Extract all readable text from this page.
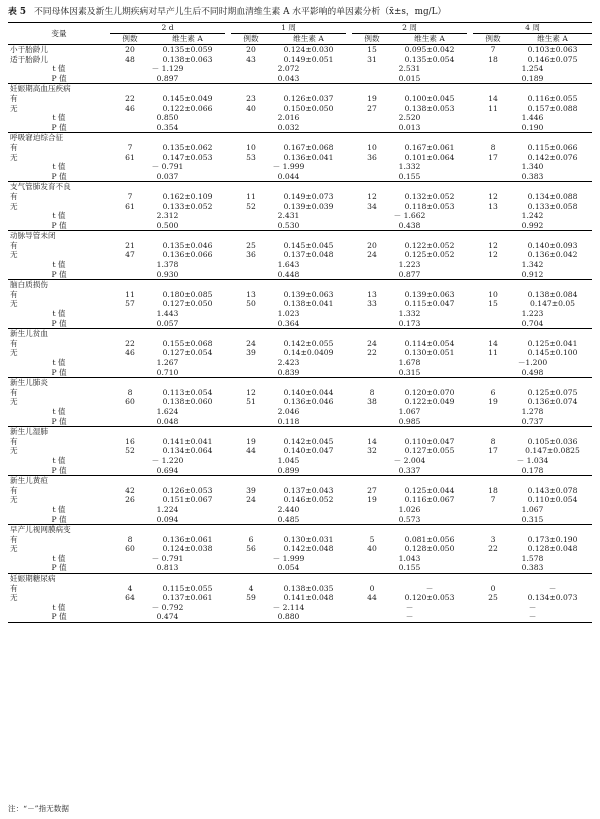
表 5 不同母体因素及新生儿期疾病对早产儿生后不同时期血清维生素 A 水平影响的单因素分析（x̄±s，mg/L）
变量	2 d			1 周			2 周			4 周	
	例数	维生素 A		例数	维生素 A		例数	维生素 A		例数	维生素 A
小于胎龄儿	20	0.135±0.059		20	0.124±0.030		15	0.095±0.042		7	0.103±0.063
适于胎龄儿	48	0.138±0.063		43	0.149±0.051		31	0.135±0.054		18	0.146±0.075
t 值	－ 1.129			2.072			2.531			1.254	
P 值	0.897			0.043			0.015			0.189	
妊娠期高血压疾病											
有	22	0.145±0.049		23	0.126±0.037		19	0.100±0.045		14	0.116±0.055
无	46	0.122±0.066		40	0.150±0.050		27	0.138±0.053		11	0.157±0.088
t 值	0.850			2.016			2.520			1.446	
P 值	0.354			0.032			0.013			0.190	
呼吸窘迫综合征											
有	7	0.135±0.062		10	0.167±0.068		10	0.167±0.061		8	0.115±0.066
无	61	0.147±0.053		53	0.136±0.041		36	0.101±0.064		17	0.142±0.076
t 值	－ 0.791			－ 1.999			1.332			1.340	
P 值	0.037			0.044			0.155			0.383	
支气管肺发育不良											
有	7	0.162±0.109		11	0.149±0.073		12	0.132±0.052		12	0.134±0.088
无	61	0.133±0.052		52	0.139±0.039		34	0.118±0.053		13	0.133±0.058
t 值	2.312			2.431			－ 1.662			1.242	
P 值	0.500			0.530			0.438			0.992	
动脉导管未闭											
有	21	0.135±0.046		25	0.145±0.045		20	0.122±0.052		12	0.140±0.093
无	47	0.136±0.066		36	0.137±0.048		24	0.125±0.052		12	0.136±0.042
t 值	1.378			1.643			1.223			1.342	
P 值	0.930			0.448			0.877			0.912	
脑白质损伤											
有	11	0.180±0.085		13	0.139±0.063		13	0.139±0.063		10	0.138±0.084
无	57	0.127±0.050		50	0.138±0.041		33	0.115±0.047		15	0.147±0.05
t 值	1.443			1.023			1.332			1.223	
P 值	0.057			0.364			0.173			0.704	
新生儿贫血											
有	22	0.155±0.068		24	0.142±0.055		24	0.114±0.054		14	0.125±0.041
无	46	0.127±0.054		39	0.14±0.0409		22	0.130±0.051		11	0.145±0.100
t 值	1.267			2.423			1.678			－1.200	
P 值	0.710			0.839			0.315			0.498	
新生儿肺炎											
有	8	0.113±0.054		12	0.140±0.044		8	0.120±0.070		6	0.125±0.075
无	60	0.138±0.060		51	0.136±0.046		38	0.122±0.049		19	0.136±0.074
t 值	1.624			2.046			1.067			1.278	
P 值	0.048			0.118			0.985			0.737	
新生儿湿肺											
有	16	0.141±0.041		19	0.142±0.045		14	0.110±0.047		8	0.105±0.036
无	52	0.134±0.064		44	0.140±0.047		32	0.127±0.055		17	0.147±0.0825
t 值	－ 1.220			1.045			－ 2.004			－ 1.034	
P 值	0.694			0.899			0.337			0.178	
新生儿黄疸											
有	42	0.126±0.053		39	0.137±0.043		27	0.125±0.044		18	0.143±0.078
无	26	0.151±0.067		24	0.146±0.052		19	0.116±0.067		7	0.110±0.054
t 值	1.224			2.440			1.026			1.067	
P 值	0.094			0.485			0.573			0.315	
早产儿视网膜病变											
有	8	0.136±0.061		6	0.130±0.031		5	0.081±0.056		3	0.173±0.190
无	60	0.124±0.038		56	0.142±0.048		40	0.128±0.050		22	0.128±0.048
t 值	－ 0.791			－ 1.999			1.043			1.578	
P 值	0.813			0.054			0.155			0.383	
妊娠期糖尿病											
有	4	0.115±0.055		4	0.138±0.035		0	－		0	－
无	64	0.137±0.061		59	0.141±0.048		44	0.120±0.053		25	0.134±0.073
t 值	－ 0.792			－ 2.114			－			－	
P 值	0.474			0.880			－			－	
注：“－”指无数据
